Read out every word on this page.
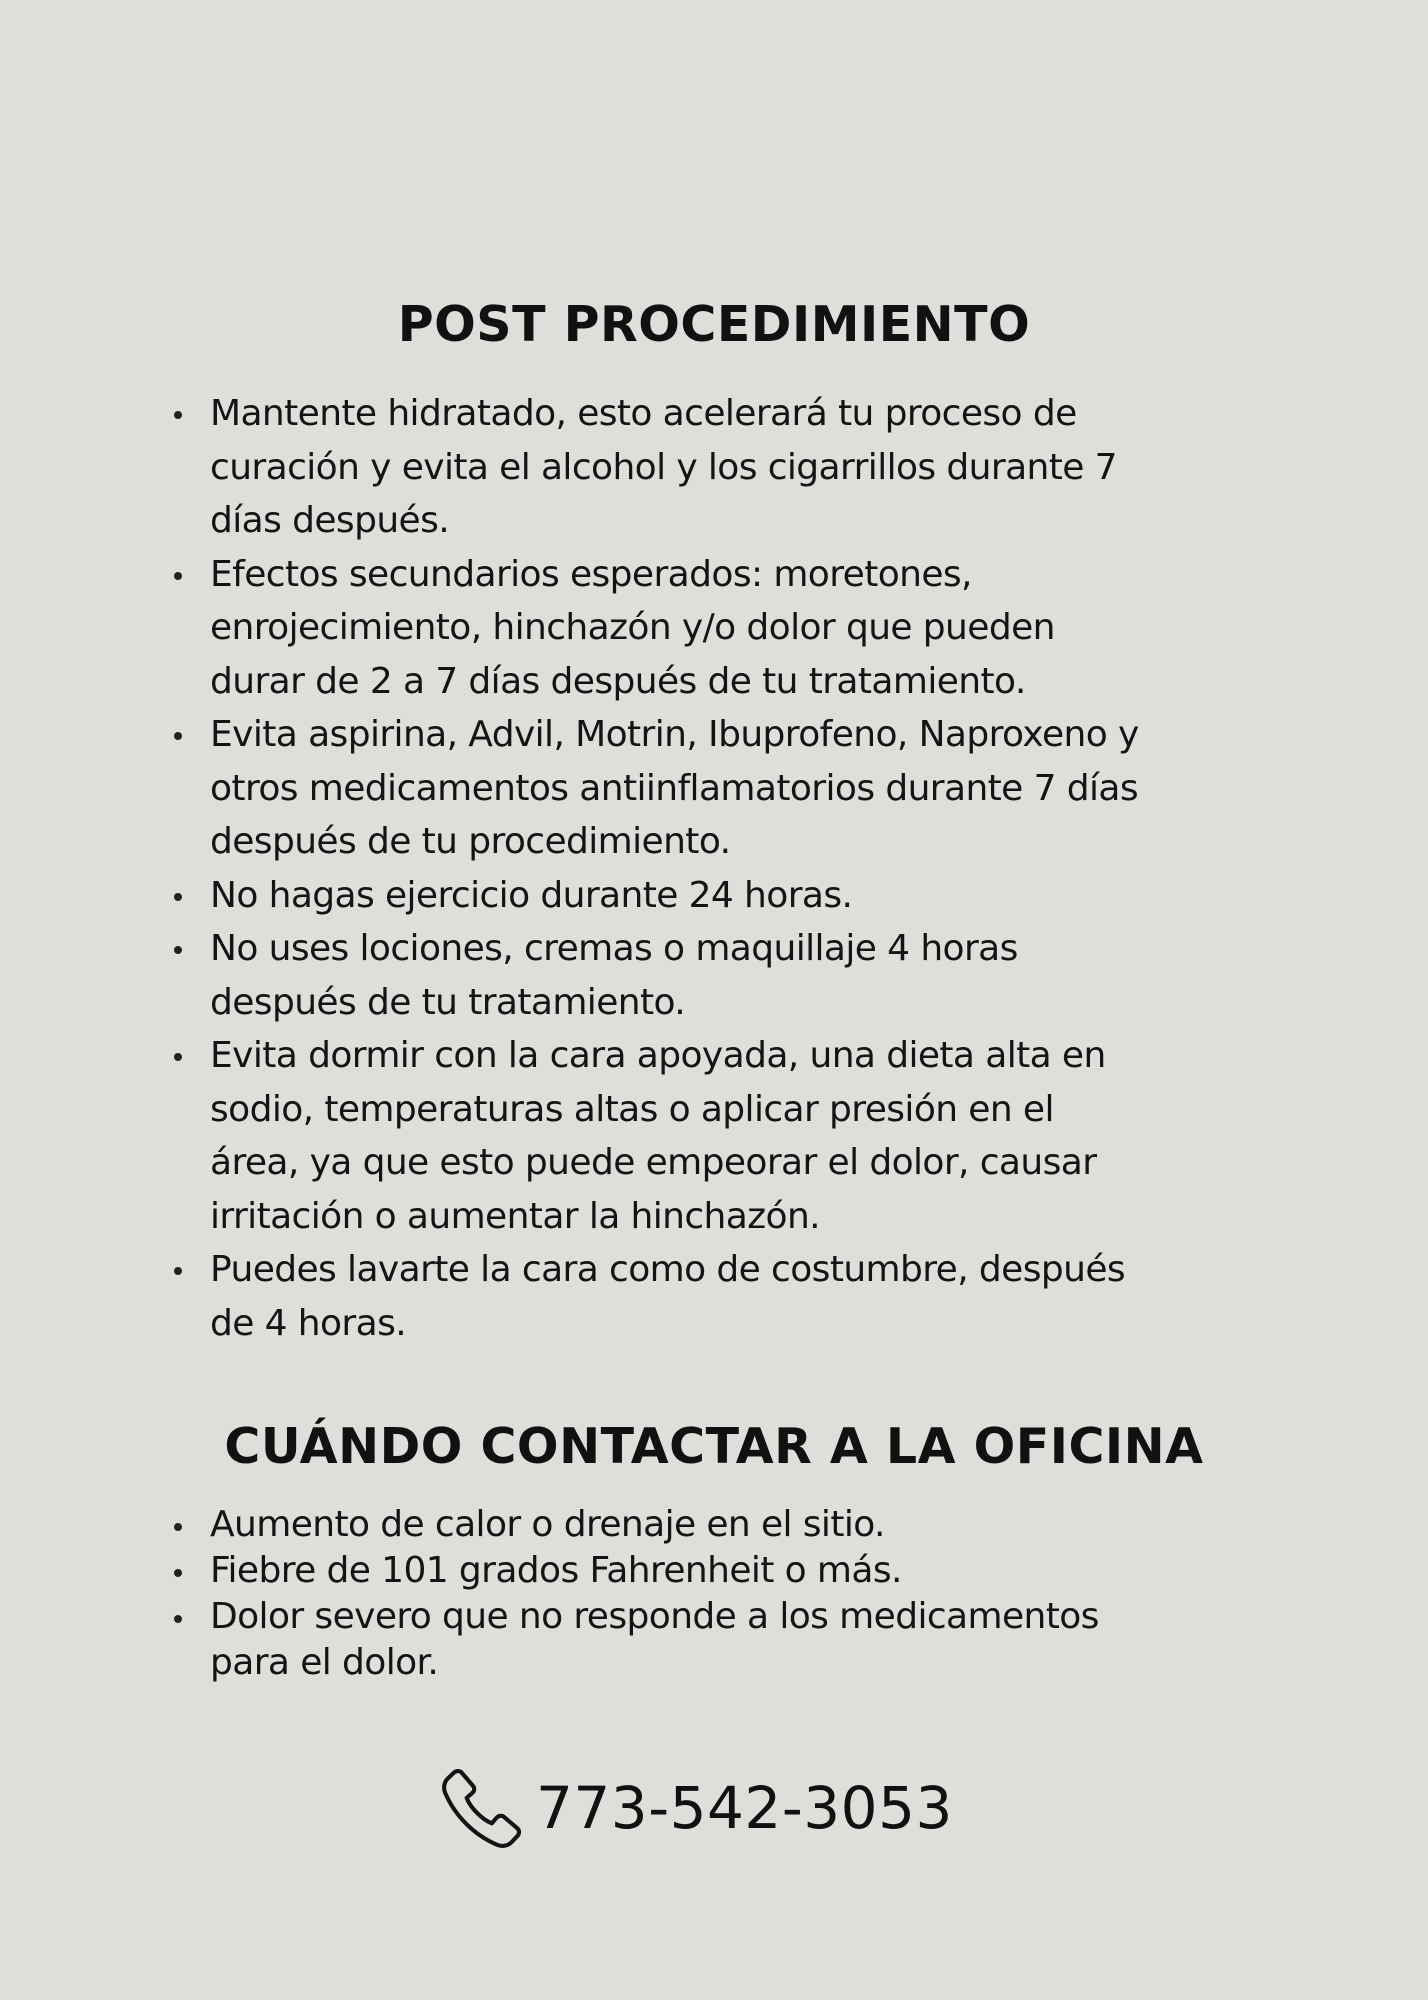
POST PROCEDIMIENTO
Mantente hidratado, esto acelerará tu proceso de
curación y evita el alcohol y los cigarrillos durante 7
días después.
Efectos secundarios esperados: moretones,
enrojecimiento, hinchazón y/o dolor que pueden
durar de 2 a 7 días después de tu tratamiento.
Evita aspirina, Advil, Motrin, Ibuprofeno, Naproxeno y
otros medicamentos antiinflamatorios durante 7 días
después de tu procedimiento.
No hagas ejercicio durante 24 horas.
No uses lociones, cremas o maquillaje 4 horas
después de tu tratamiento.
Evita dormir con la cara apoyada, una dieta alta en
sodio, temperaturas altas o aplicar presión en el
área, ya que esto puede empeorar el dolor, causar
irritación o aumentar la hinchazón.
Puedes lavarte la cara como de costumbre, después
de 4 horas.
CUÁNDO CONTACTAR A LA OFICINA
Aumento de calor o drenaje en el sitio.
Fiebre de 101 grados Fahrenheit o más.
Dolor severo que no responde a los medicamentos
para el dolor.
773-542-3053
